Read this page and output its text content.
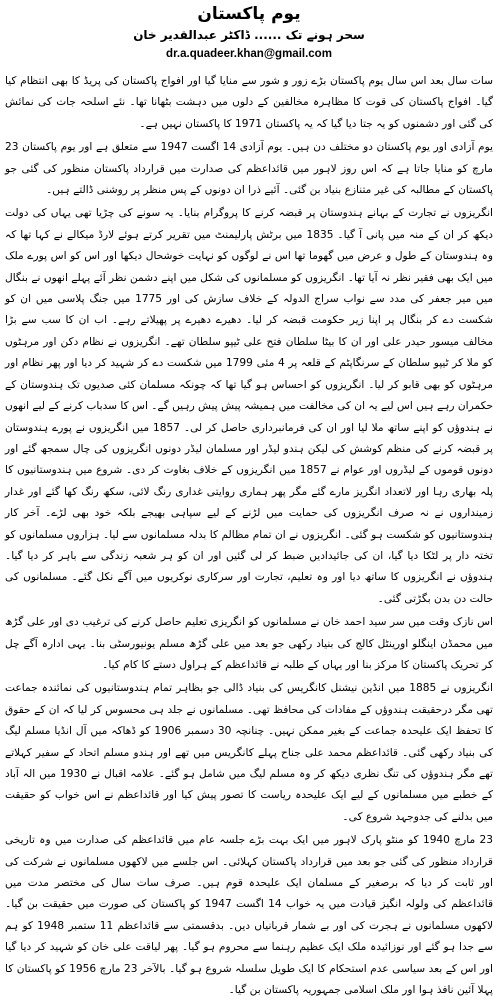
یوم پاکستان
سحر ہونے تک ...... ڈاکٹر عبدالقدیر خان
dr.a.quadeer.khan@gmail.com

سات سال بعد اس سال یوم پاکستان بڑے زور و شور سے منایا گیا اور افواج پاکستان کی پریڈ کا بھی انتظام کیا گیا۔ افواج پاکستان کی قوت کا مظاہرہ مخالفین کے دلوں میں دہشت بٹھانا تھا۔ نئے اسلحہ جات کی نمائش کی گئی اور دشمنوں کو یہ جتا دیا گیا کہ یہ پاکستان 1971 کا پاکستان نہیں ہے۔

یوم آزادی اور یوم پاکستان دو مختلف دن ہیں۔ یوم آزادی 14 اگست 1947 سے متعلق ہے اور یوم پاکستان 23 مارچ کو منایا جاتا ہے کہ اس روز لاہور میں قائداعظم کی صدارت میں قرارداد پاکستان منظور کی گئی جو پاکستان کے مطالبہ کی غیر متنازع بنیاد بن گئی۔ آئیے ذرا ان دونوں کے پس منظر پر روشنی ڈالتے ہیں۔

انگریزوں نے تجارت کے بہانے ہندوستان پر قبضہ کرنے کا پروگرام بنایا۔ یہ سونے کی چڑیا تھی یہاں کی دولت دیکھ کر ان کے منہ میں پانی آ گیا۔ 1835 میں برٹش پارلیمنٹ میں تقریر کرتے ہوئے لارڈ میکالے نے کہا تھا کہ وہ ہندوستان کے طول و عرض میں گھوما تھا اس نے لوگوں کو نہایت خوشحال دیکھا اور اس کو اس پورے ملک میں ایک بھی فقیر نظر نہ آیا تھا۔ انگریزوں کو مسلمانوں کی شکل میں اپنے دشمن نظر آئے پہلے انھوں نے بنگال میں میر جعفر کی مدد سے نواب سراج الدولہ کے خلاف سازش کی اور 1775 میں جنگ پلاسی میں ان کو شکست دے کر بنگال پر اپنا زیر حکومت قبضہ کر لیا۔ دھیرے دھیرے پر پھیلاتے رہے۔ اب ان کا سب سے بڑا مخالف میسور حیدر علی اور ان کا بیٹا سلطان فتح علی ٹیپو سلطان تھے۔ انگریزوں نے نظام دکن اور مرہٹوں کو ملا کر ٹیپو سلطان کے سرنگاپٹم کے قلعہ پر 4 مئی 1799 میں شکست دے کر شہید کر دیا اور پھر نظام اور مرہٹوں کو بھی قابو کر لیا۔ انگریزوں کو احساس ہو گیا تھا کہ چونکہ مسلمان کئی صدیوں تک ہندوستان کے حکمران رہے ہیں اس لیے یہ ان کی مخالفت میں ہمیشہ پیش پیش رہیں گے۔ اس کا سدباب کرنے کے لیے انھوں نے ہندوؤں کو اپنے ساتھ ملا لیا اور ان کی فرمانبرداری حاصل کر لی۔ 1857 میں انگریزوں نے پورے ہندوستان پر قبضہ کرنے کی منظم کوشش کی لیکن ہندو لیڈر اور مسلمان لیڈر دونوں انگریزوں کی چال سمجھ گئے اور دونوں قوموں کے لیڈروں اور عوام نے 1857 میں انگریزوں کے خلاف بغاوت کر دی۔ شروع میں ہندوستانیوں کا پلہ بھاری رہا اور لاتعداد انگریز مارے گئے مگر پھر ہماری روایتی غداری رنگ لائی، سکھ رنگ کھا گئے اور غدار زمینداروں نے نہ صرف انگریزوں کی حمایت میں لڑنے کے لیے سپاہی بھیجے بلکہ خود بھی لڑے۔ آخر کار ہندوستانیوں کو شکست ہو گئی۔ انگریزوں نے ان تمام مظالم کا بدلہ مسلمانوں سے لیا۔ ہزاروں مسلمانوں کو تختہ دار پر لٹکا دیا گیا، ان کی جائیدادیں ضبط کر لی گئیں اور ان کو ہر شعبہ زندگی سے باہر کر دیا گیا۔ ہندوؤں نے انگریزوں کا ساتھ دیا اور وہ تعلیم، تجارت اور سرکاری نوکریوں میں آگے نکل گئے۔ مسلمانوں کی حالت دن بدن بگڑتی گئی۔

اس نازک وقت میں سر سید احمد خان نے مسلمانوں کو انگریزی تعلیم حاصل کرنے کی ترغیب دی اور علی گڑھ میں محمڈن اینگلو اورینٹل کالج کی بنیاد رکھی جو بعد میں علی گڑھ مسلم یونیورسٹی بنا۔ یہی ادارہ آگے چل کر تحریک پاکستان کا مرکز بنا اور یہاں کے طلبہ نے قائداعظم کے ہراول دستے کا کام کیا۔

انگریزوں نے 1885 میں انڈین نیشنل کانگریس کی بنیاد ڈالی جو بظاہر تمام ہندوستانیوں کی نمائندہ جماعت تھی مگر درحقیقت ہندوؤں کے مفادات کی محافظ تھی۔ مسلمانوں نے جلد ہی محسوس کر لیا کہ ان کے حقوق کا تحفظ ایک علیحدہ جماعت کے بغیر ممکن نہیں۔ چنانچہ 30 دسمبر 1906 کو ڈھاکہ میں آل انڈیا مسلم لیگ کی بنیاد رکھی گئی۔ قائداعظم محمد علی جناح پہلے کانگریس میں تھے اور ہندو مسلم اتحاد کے سفیر کہلاتے تھے مگر ہندوؤں کی تنگ نظری دیکھ کر وہ مسلم لیگ میں شامل ہو گئے۔ علامہ اقبال نے 1930 میں الہ آباد کے خطبے میں مسلمانوں کے لیے ایک علیحدہ ریاست کا تصور پیش کیا اور قائداعظم نے اس خواب کو حقیقت میں بدلنے کی جدوجہد شروع کی۔

23 مارچ 1940 کو منٹو پارک لاہور میں ایک بہت بڑے جلسہ عام میں قائداعظم کی صدارت میں وہ تاریخی قرارداد منظور کی گئی جو بعد میں قرارداد پاکستان کہلائی۔ اس جلسے میں لاکھوں مسلمانوں نے شرکت کی اور ثابت کر دیا کہ برصغیر کے مسلمان ایک علیحدہ قوم ہیں۔ صرف سات سال کی مختصر مدت میں قائداعظم کی ولولہ انگیز قیادت میں یہ خواب 14 اگست 1947 کو پاکستان کی صورت میں حقیقت بن گیا۔ لاکھوں مسلمانوں نے ہجرت کی اور بے شمار قربانیاں دیں۔ بدقسمتی سے قائداعظم 11 ستمبر 1948 کو ہم سے جدا ہو گئے اور نوزائیدہ ملک ایک عظیم رہنما سے محروم ہو گیا۔ پھر لیاقت علی خان کو شہید کر دیا گیا اور اس کے بعد سیاسی عدم استحکام کا ایک طویل سلسلہ شروع ہو گیا۔ بالآخر 23 مارچ 1956 کو پاکستان کا پہلا آئین نافذ ہوا اور ملک اسلامی جمہوریہ پاکستان بن گیا۔
